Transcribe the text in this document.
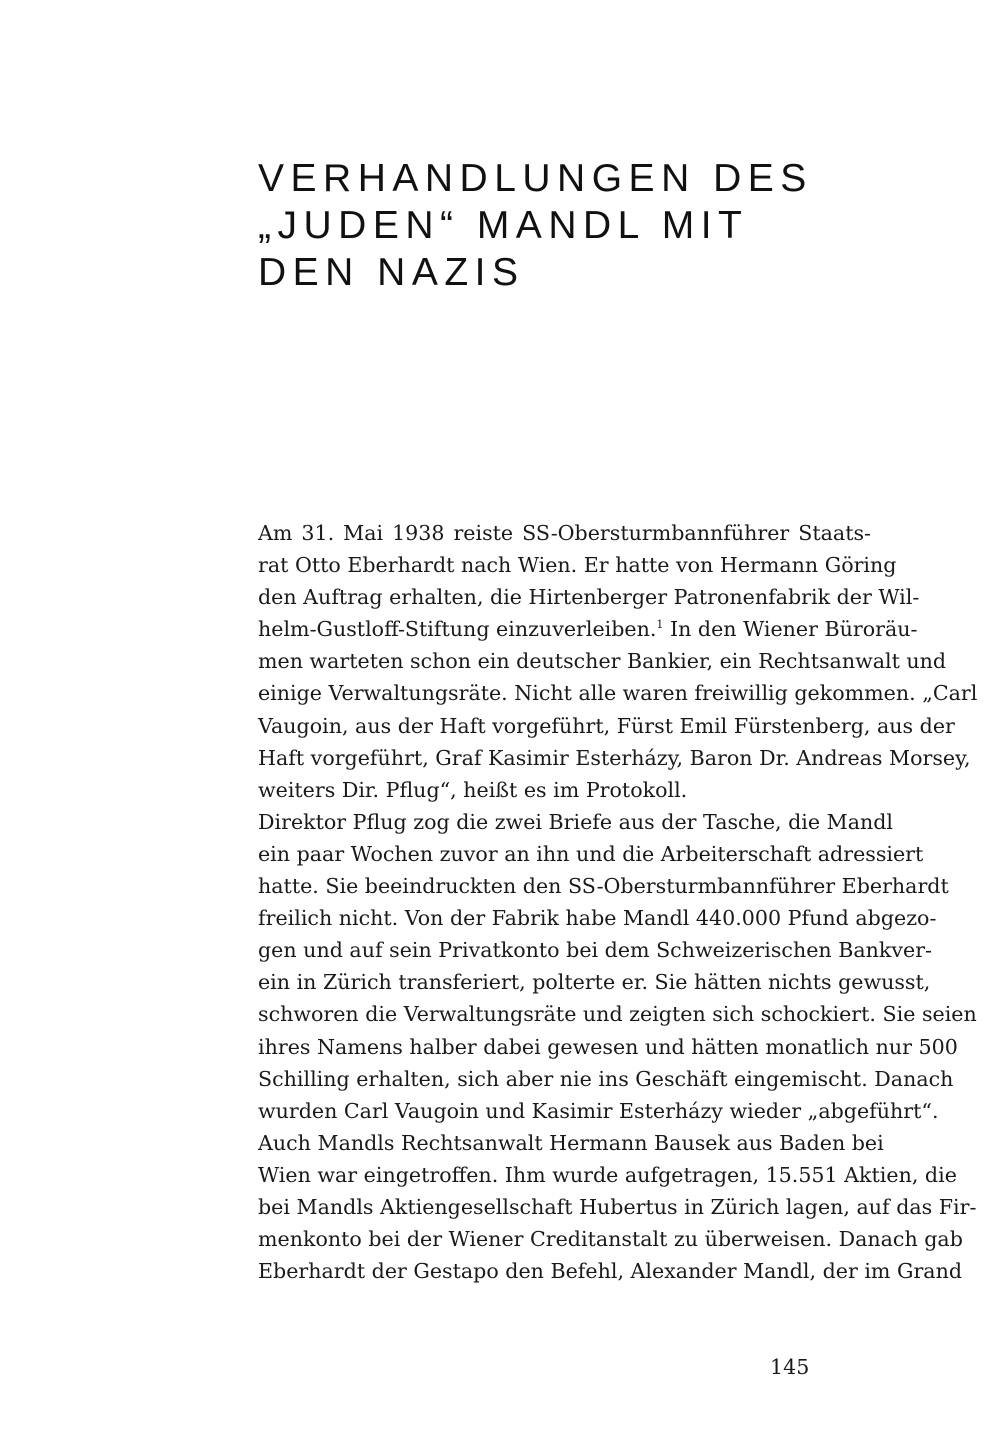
VERHANDLUNGEN DES
„JUDEN“ MANDL MIT
DEN NAZIS

Am 31. Mai 1938 reiste SS-Obersturmbannführer Staats-
rat Otto Eberhardt nach Wien. Er hatte von Hermann Göring
den Auftrag erhalten, die Hirtenberger Patronenfabrik der Wil-
helm-Gustloff-Stiftung einzuverleiben.$^1$ In den Wiener Büroräu-
men warteten schon ein deutscher Bankier, ein Rechtsanwalt und
einige Verwaltungsräte. Nicht alle waren freiwillig gekommen. „Carl
Vaugoin, aus der Haft vorgeführt, Fürst Emil Fürstenberg, aus der
Haft vorgeführt, Graf Kasimir Esterházy, Baron Dr. Andreas Morsey,
weiters Dir. Pflug“, heißt es im Protokoll.

Direktor Pflug zog die zwei Briefe aus der Tasche, die Mandl
ein paar Wochen zuvor an ihn und die Arbeiterschaft adressiert
hatte. Sie beeindruckten den SS-Obersturmbannführer Eberhardt
freilich nicht. Von der Fabrik habe Mandl 440.000 Pfund abgezo-
gen und auf sein Privatkonto bei dem Schweizerischen Bankver-
ein in Zürich transferiert, polterte er. Sie hätten nichts gewusst,
schworen die Verwaltungsräte und zeigten sich schockiert. Sie seien
ihres Namens halber dabei gewesen und hätten monatlich nur 500
Schilling erhalten, sich aber nie ins Geschäft eingemischt. Danach
wurden Carl Vaugoin und Kasimir Esterházy wieder „abgeführt“.

Auch Mandls Rechtsanwalt Hermann Bausek aus Baden bei
Wien war eingetroffen. Ihm wurde aufgetragen, 15.551 Aktien, die
bei Mandls Aktiengesellschaft Hubertus in Zürich lagen, auf das Fir-
menkonto bei der Wiener Creditanstalt zu überweisen. Danach gab
Eberhardt der Gestapo den Befehl, Alexander Mandl, der im Grand

145
